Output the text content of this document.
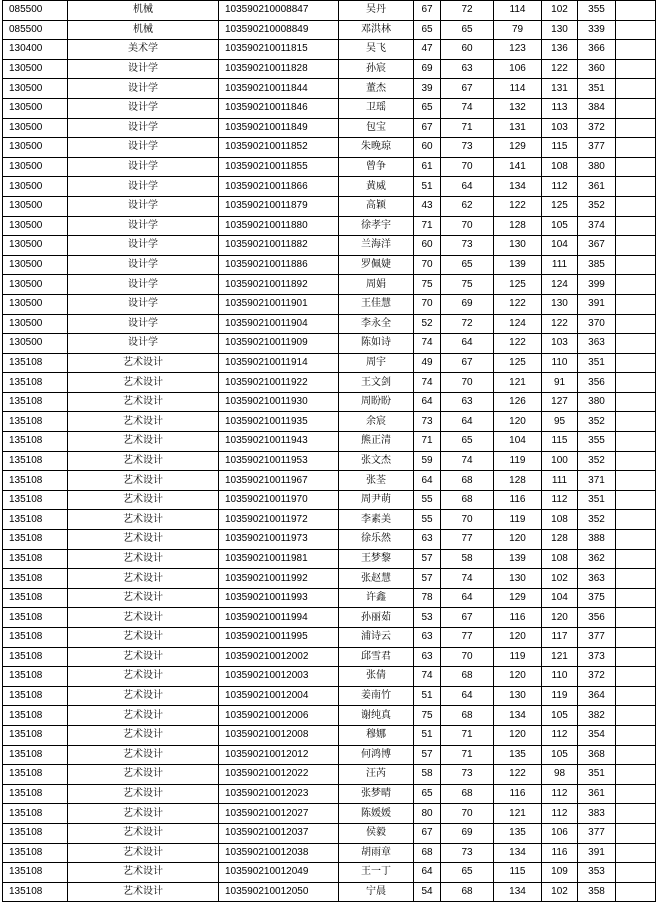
085500	机械	103590210008847	吴丹	67	72	114	102	355	
085500	机械	103590210008849	邓洪林	65	65	79	130	339	
130400	美术学	103590210011815	吴飞	47	60	123	136	366	
130500	设计学	103590210011828	孙宸	69	63	106	122	360	
130500	设计学	103590210011844	董杰	39	67	114	131	351	
130500	设计学	103590210011846	卫瑶	65	74	132	113	384	
130500	设计学	103590210011849	包宝	67	71	131	103	372	
130500	设计学	103590210011852	朱晚琼	60	73	129	115	377	
130500	设计学	103590210011855	曾争	61	70	141	108	380	
130500	设计学	103590210011866	黄威	51	64	134	112	361	
130500	设计学	103590210011879	高颖	43	62	122	125	352	
130500	设计学	103590210011880	徐孝宇	71	70	128	105	374	
130500	设计学	103590210011882	兰海洋	60	73	130	104	367	
130500	设计学	103590210011886	罗佩婕	70	65	139	111	385	
130500	设计学	103590210011892	周娟	75	75	125	124	399	
130500	设计学	103590210011901	王佳慧	70	69	122	130	391	
130500	设计学	103590210011904	李永全	52	72	124	122	370	
130500	设计学	103590210011909	陈如诗	74	64	122	103	363	
135108	艺术设计	103590210011914	周宇	49	67	125	110	351	
135108	艺术设计	103590210011922	王文剑	74	70	121	91	356	
135108	艺术设计	103590210011930	周盼盼	64	63	126	127	380	
135108	艺术设计	103590210011935	余宸	73	64	120	95	352	
135108	艺术设计	103590210011943	熊正清	71	65	104	115	355	
135108	艺术设计	103590210011953	张文杰	59	74	119	100	352	
135108	艺术设计	103590210011967	张荃	64	68	128	111	371	
135108	艺术设计	103590210011970	周尹萌	55	68	116	112	351	
135108	艺术设计	103590210011972	李素美	55	70	119	108	352	
135108	艺术设计	103590210011973	徐乐然	63	77	120	128	388	
135108	艺术设计	103590210011981	王梦黎	57	58	139	108	362	
135108	艺术设计	103590210011992	张赵慧	57	74	130	102	363	
135108	艺术设计	103590210011993	许鑫	78	64	129	104	375	
135108	艺术设计	103590210011994	孙丽茹	53	67	116	120	356	
135108	艺术设计	103590210011995	浦诗云	63	77	120	117	377	
135108	艺术设计	103590210012002	邱雪君	63	70	119	121	373	
135108	艺术设计	103590210012003	张倩	74	68	120	110	372	
135108	艺术设计	103590210012004	姜南竹	51	64	130	119	364	
135108	艺术设计	103590210012006	谢纯真	75	68	134	105	382	
135108	艺术设计	103590210012008	穆娜	51	71	120	112	354	
135108	艺术设计	103590210012012	何鸿博	57	71	135	105	368	
135108	艺术设计	103590210012022	汪芮	58	73	122	98	351	
135108	艺术设计	103590210012023	张梦晴	65	68	116	112	361	
135108	艺术设计	103590210012027	陈媛媛	80	70	121	112	383	
135108	艺术设计	103590210012037	侯毅	67	69	135	106	377	
135108	艺术设计	103590210012038	胡雨章	68	73	134	116	391	
135108	艺术设计	103590210012049	王一丁	64	65	115	109	353	
135108	艺术设计	103590210012050	宁晨	54	68	134	102	358	
